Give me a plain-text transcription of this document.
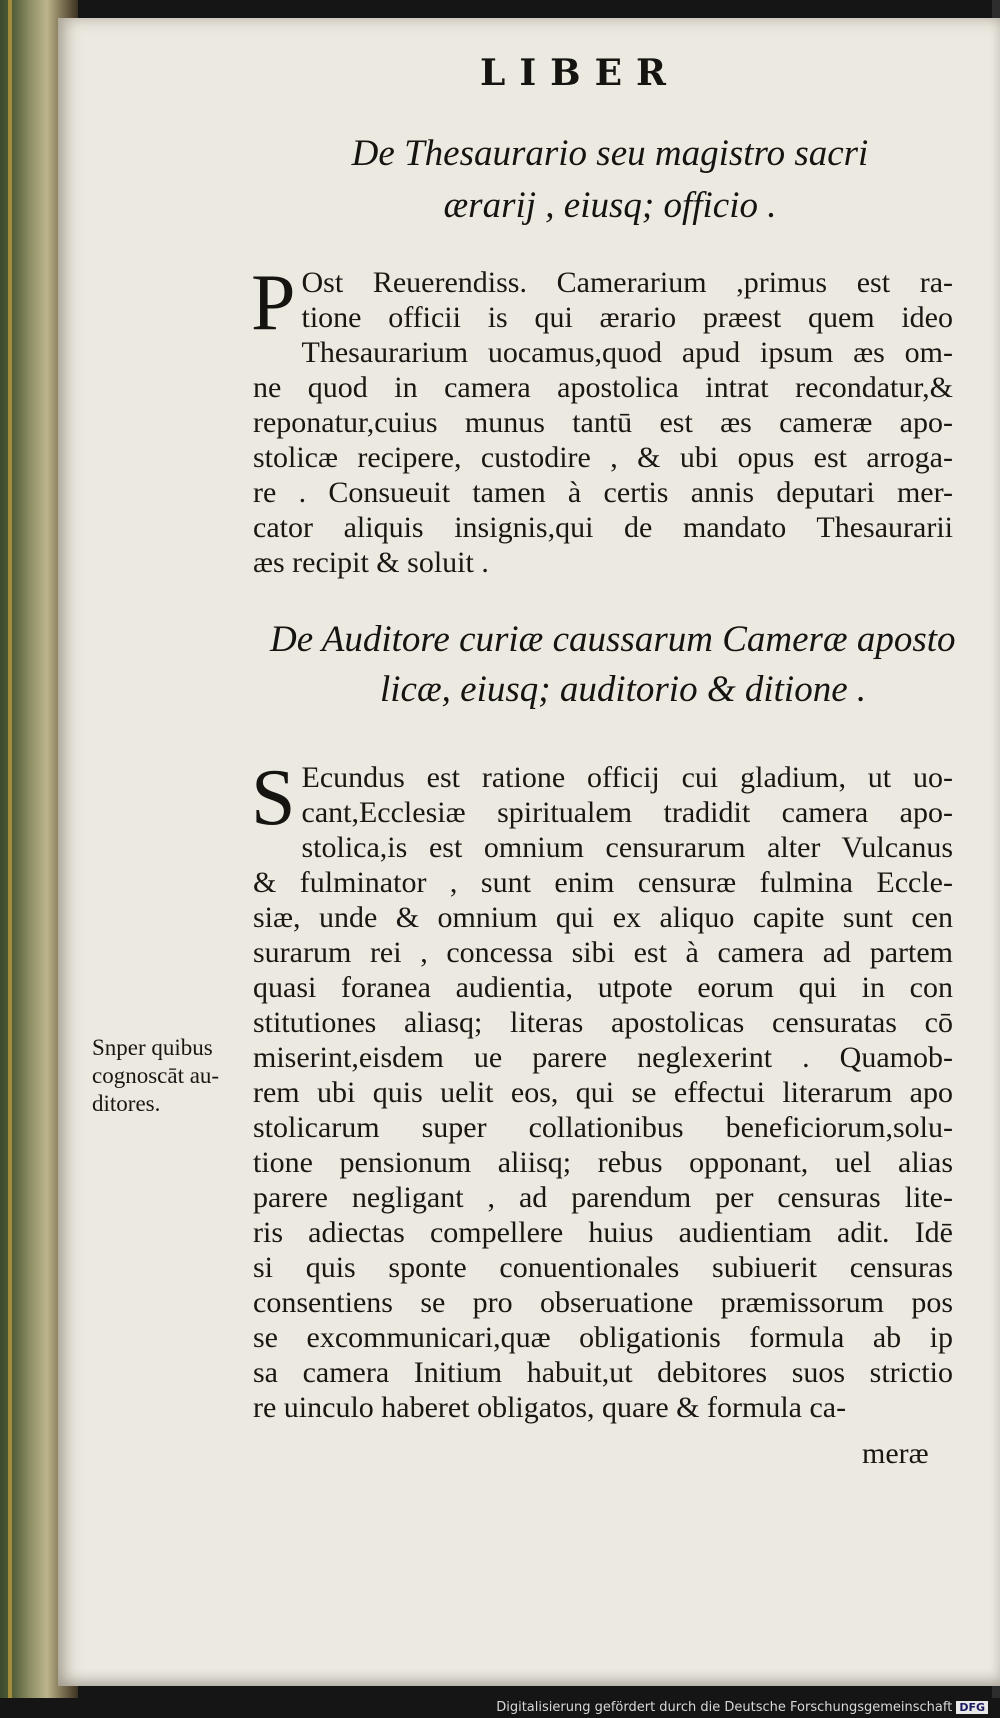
LIBER
De Thesaurario seu magistro sacri
ærarij , eiusq; officio .
P Ost Reuerendiss. Camerarium ,primus est ra-
tione officii is qui ærario præest quem ideo
Thesaurarium uocamus,quod apud ipsum æs om-
ne quod in camera apostolica intrat recondatur,&
reponatur,cuius munus tantū est æs cameræ apo-
stolicæ recipere, custodire , & ubi opus est arroga-
re . Consueuit tamen à certis annis deputari mer-
cator aliquis insignis,qui de mandato Thesaurarii
æs recipit & soluit .
De Auditore curiæ caussarum Cameræ aposto
licæ, eiusq; auditorio & ditione .
S Ecundus est ratione officij cui gladium, ut uo-
cant,Ecclesiæ spiritualem tradidit camera apo-
stolica,is est omnium censurarum alter Vulcanus
& fulminator , sunt enim censuræ fulmina Eccle-
siæ, unde & omnium qui ex aliquo capite sunt cen
surarum rei , concessa sibi est à camera ad partem
quasi foranea audientia, utpote eorum qui in con
stitutiones aliasq; literas apostolicas censuratas cō
miserint,eisdem ue parere neglexerint . Quamob-
rem ubi quis uelit eos, qui se effectui literarum apo
stolicarum super collationibus beneficiorum,solu-
tione pensionum aliisq; rebus opponant, uel alias
parere negligant , ad parendum per censuras lite-
ris adiectas compellere huius audientiam adit. Idē
si quis sponte conuentionales subiuerit censuras
consentiens se pro obseruatione præmissorum pos
se excommunicari,quæ obligationis formula ab ip
sa camera Initium habuit,ut debitores suos strictio
re uinculo haberet obligatos, quare & formula ca-
Snper quibus
cognoscāt au-
ditores.
meræ
Digitalisierung gefördert durch die Deutsche Forschungsgemeinschaft DFG
